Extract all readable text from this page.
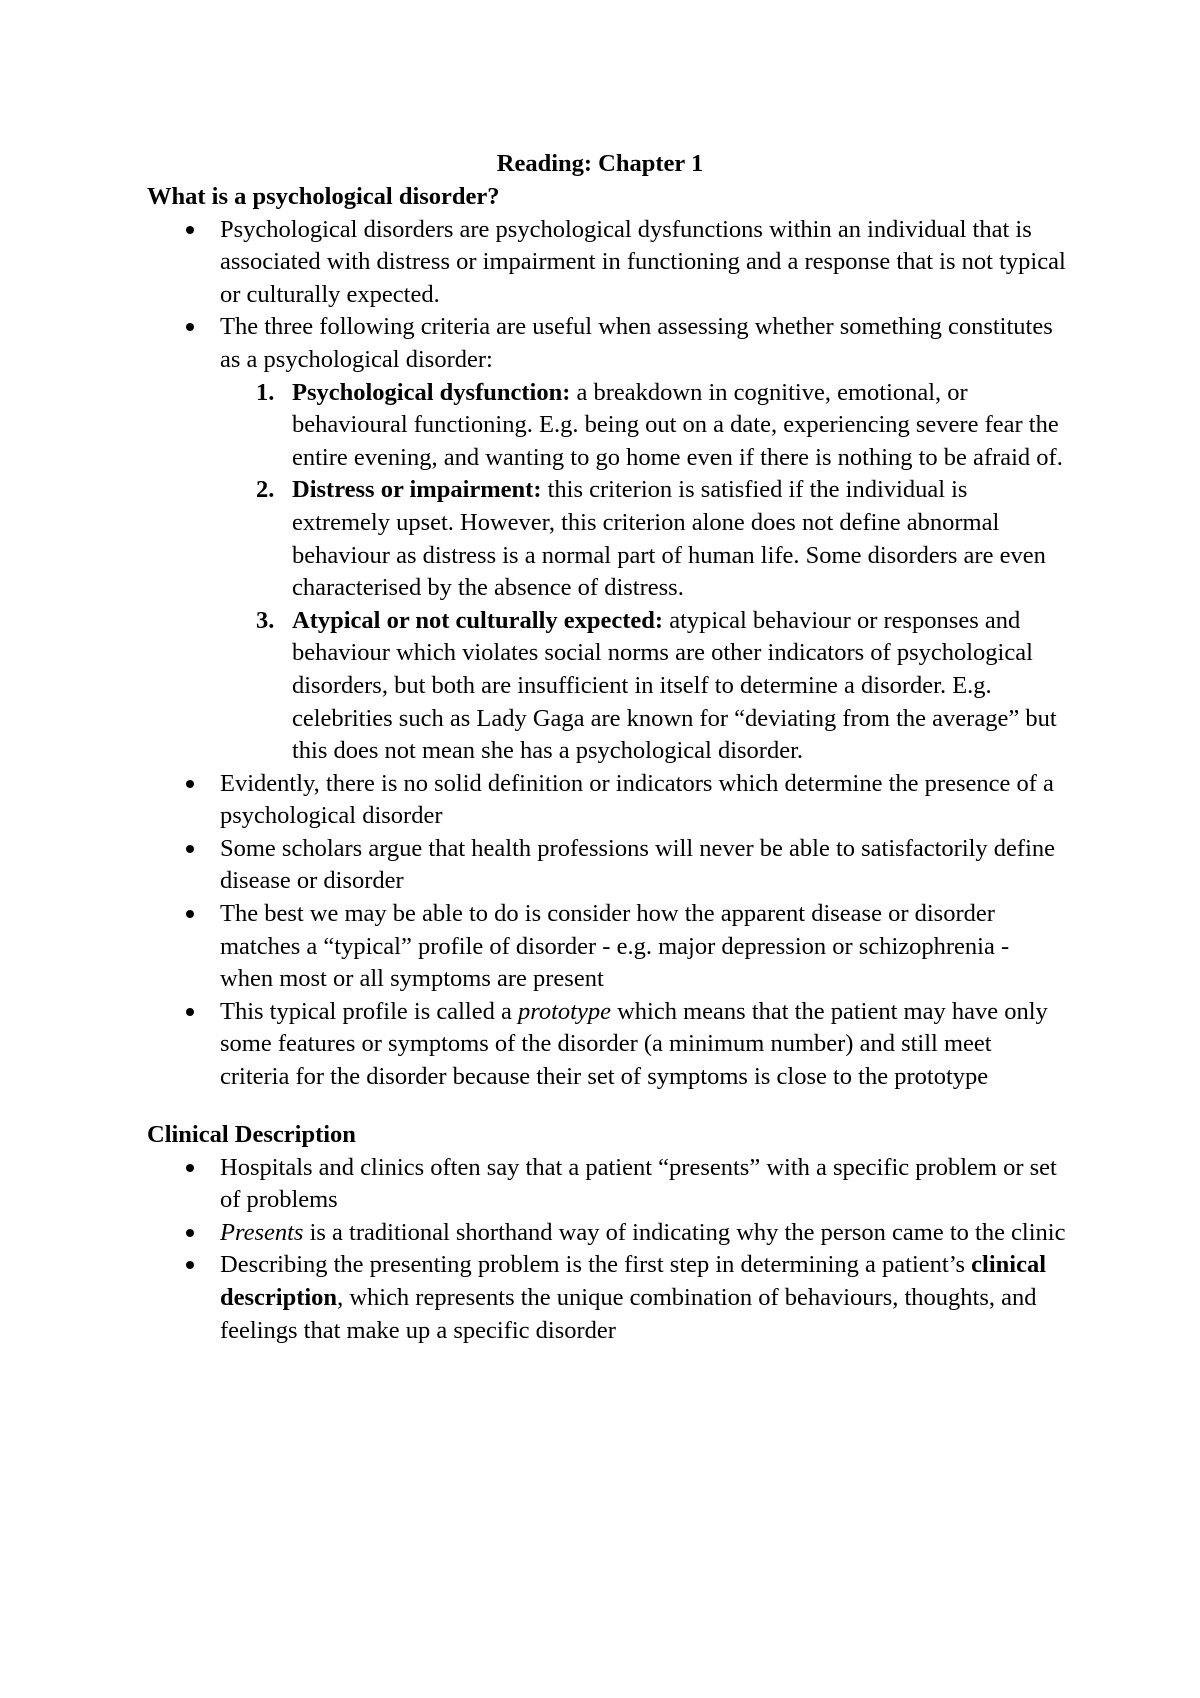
Reading: Chapter 1
What is a psychological disorder?
Psychological disorders are psychological dysfunctions within an individual that is associated with distress or impairment in functioning and a response that is not typical or culturally expected.
The three following criteria are useful when assessing whether something constitutes as a psychological disorder:
1. Psychological dysfunction: a breakdown in cognitive, emotional, or behavioural functioning. E.g. being out on a date, experiencing severe fear the entire evening, and wanting to go home even if there is nothing to be afraid of.
2. Distress or impairment: this criterion is satisfied if the individual is extremely upset. However, this criterion alone does not define abnormal behaviour as distress is a normal part of human life. Some disorders are even characterised by the absence of distress.
3. Atypical or not culturally expected: atypical behaviour or responses and behaviour which violates social norms are other indicators of psychological disorders, but both are insufficient in itself to determine a disorder. E.g. celebrities such as Lady Gaga are known for “deviating from the average” but this does not mean she has a psychological disorder.
Evidently, there is no solid definition or indicators which determine the presence of a psychological disorder
Some scholars argue that health professions will never be able to satisfactorily define disease or disorder
The best we may be able to do is consider how the apparent disease or disorder matches a “typical” profile of disorder - e.g. major depression or schizophrenia - when most or all symptoms are present
This typical profile is called a prototype which means that the patient may have only some features or symptoms of the disorder (a minimum number) and still meet criteria for the disorder because their set of symptoms is close to the prototype
Clinical Description
Hospitals and clinics often say that a patient “presents” with a specific problem or set of problems
Presents is a traditional shorthand way of indicating why the person came to the clinic
Describing the presenting problem is the first step in determining a patient’s clinical description, which represents the unique combination of behaviours, thoughts, and feelings that make up a specific disorder
